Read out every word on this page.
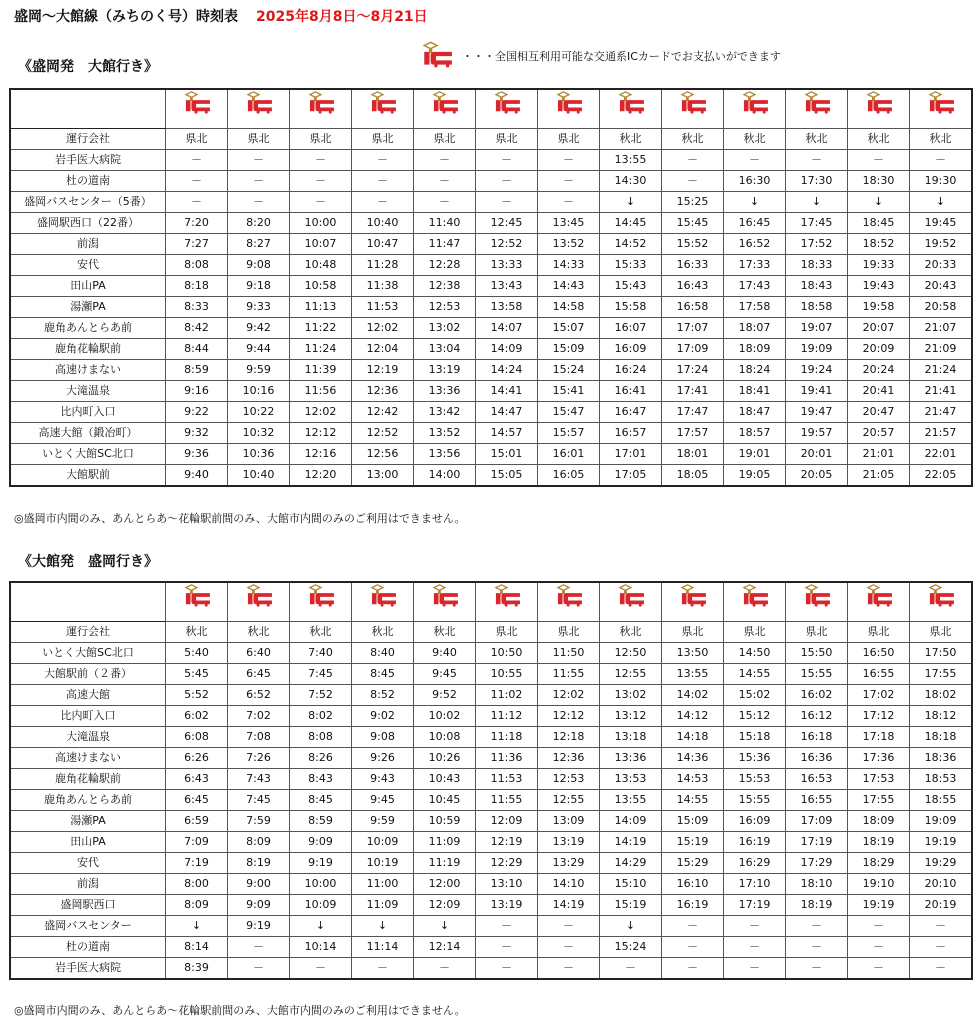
盛岡～大館線（みちのく号）時刻表 2025年8月8日～8月21日
・・・全国相互利用可能な交通系ICカードでお支払いができます
《盛岡発　大館行き》

運行会社	県北	県北	県北	県北	県北	県北	県北	秋北	秋北	秋北	秋北	秋北	秋北
岩手医大病院	－	－	－	－	－	－	－	13:55	－	－	－	－	－
杜の道南	－	－	－	－	－	－	－	14:30	－	16:30	17:30	18:30	19:30
盛岡バスセンター（5番）	－	－	－	－	－	－	－	↓	15:25	↓	↓	↓	↓
盛岡駅西口（22番）	7:20	8:20	10:00	10:40	11:40	12:45	13:45	14:45	15:45	16:45	17:45	18:45	19:45
前潟	7:27	8:27	10:07	10:47	11:47	12:52	13:52	14:52	15:52	16:52	17:52	18:52	19:52
安代	8:08	9:08	10:48	11:28	12:28	13:33	14:33	15:33	16:33	17:33	18:33	19:33	20:33
田山PA	8:18	9:18	10:58	11:38	12:38	13:43	14:43	15:43	16:43	17:43	18:43	19:43	20:43
湯瀬PA	8:33	9:33	11:13	11:53	12:53	13:58	14:58	15:58	16:58	17:58	18:58	19:58	20:58
鹿角あんとらあ前	8:42	9:42	11:22	12:02	13:02	14:07	15:07	16:07	17:07	18:07	19:07	20:07	21:07
鹿角花輪駅前	8:44	9:44	11:24	12:04	13:04	14:09	15:09	16:09	17:09	18:09	19:09	20:09	21:09
高速けまない	8:59	9:59	11:39	12:19	13:19	14:24	15:24	16:24	17:24	18:24	19:24	20:24	21:24
大滝温泉	9:16	10:16	11:56	12:36	13:36	14:41	15:41	16:41	17:41	18:41	19:41	20:41	21:41
比内町入口	9:22	10:22	12:02	12:42	13:42	14:47	15:47	16:47	17:47	18:47	19:47	20:47	21:47
高速大館（鍛冶町）	9:32	10:32	12:12	12:52	13:52	14:57	15:57	16:57	17:57	18:57	19:57	20:57	21:57
いとく大館SC北口	9:36	10:36	12:16	12:56	13:56	15:01	16:01	17:01	18:01	19:01	20:01	21:01	22:01
大館駅前	9:40	10:40	12:20	13:00	14:00	15:05	16:05	17:05	18:05	19:05	20:05	21:05	22:05
◎盛岡市内間のみ、あんとらあ～花輪駅前間のみ、大館市内間のみのご利用はできません。
《大館発　盛岡行き》

運行会社	秋北	秋北	秋北	秋北	秋北	県北	県北	秋北	県北	県北	県北	県北	県北
いとく大館SC北口	5:40	6:40	7:40	8:40	9:40	10:50	11:50	12:50	13:50	14:50	15:50	16:50	17:50
大館駅前（２番）	5:45	6:45	7:45	8:45	9:45	10:55	11:55	12:55	13:55	14:55	15:55	16:55	17:55
高速大館	5:52	6:52	7:52	8:52	9:52	11:02	12:02	13:02	14:02	15:02	16:02	17:02	18:02
比内町入口	6:02	7:02	8:02	9:02	10:02	11:12	12:12	13:12	14:12	15:12	16:12	17:12	18:12
大滝温泉	6:08	7:08	8:08	9:08	10:08	11:18	12:18	13:18	14:18	15:18	16:18	17:18	18:18
高速けまない	6:26	7:26	8:26	9:26	10:26	11:36	12:36	13:36	14:36	15:36	16:36	17:36	18:36
鹿角花輪駅前	6:43	7:43	8:43	9:43	10:43	11:53	12:53	13:53	14:53	15:53	16:53	17:53	18:53
鹿角あんとらあ前	6:45	7:45	8:45	9:45	10:45	11:55	12:55	13:55	14:55	15:55	16:55	17:55	18:55
湯瀬PA	6:59	7:59	8:59	9:59	10:59	12:09	13:09	14:09	15:09	16:09	17:09	18:09	19:09
田山PA	7:09	8:09	9:09	10:09	11:09	12:19	13:19	14:19	15:19	16:19	17:19	18:19	19:19
安代	7:19	8:19	9:19	10:19	11:19	12:29	13:29	14:29	15:29	16:29	17:29	18:29	19:29
前潟	8:00	9:00	10:00	11:00	12:00	13:10	14:10	15:10	16:10	17:10	18:10	19:10	20:10
盛岡駅西口	8:09	9:09	10:09	11:09	12:09	13:19	14:19	15:19	16:19	17:19	18:19	19:19	20:19
盛岡バスセンター	↓	9:19	↓	↓	↓	－	－	↓	－	－	－	－	－
杜の道南	8:14	－	10:14	11:14	12:14	－	－	15:24	－	－	－	－	－
岩手医大病院	8:39	－	－	－	－	－	－	－	－	－	－	－	－
◎盛岡市内間のみ、あんとらあ～花輪駅前間のみ、大館市内間のみのご利用はできません。
